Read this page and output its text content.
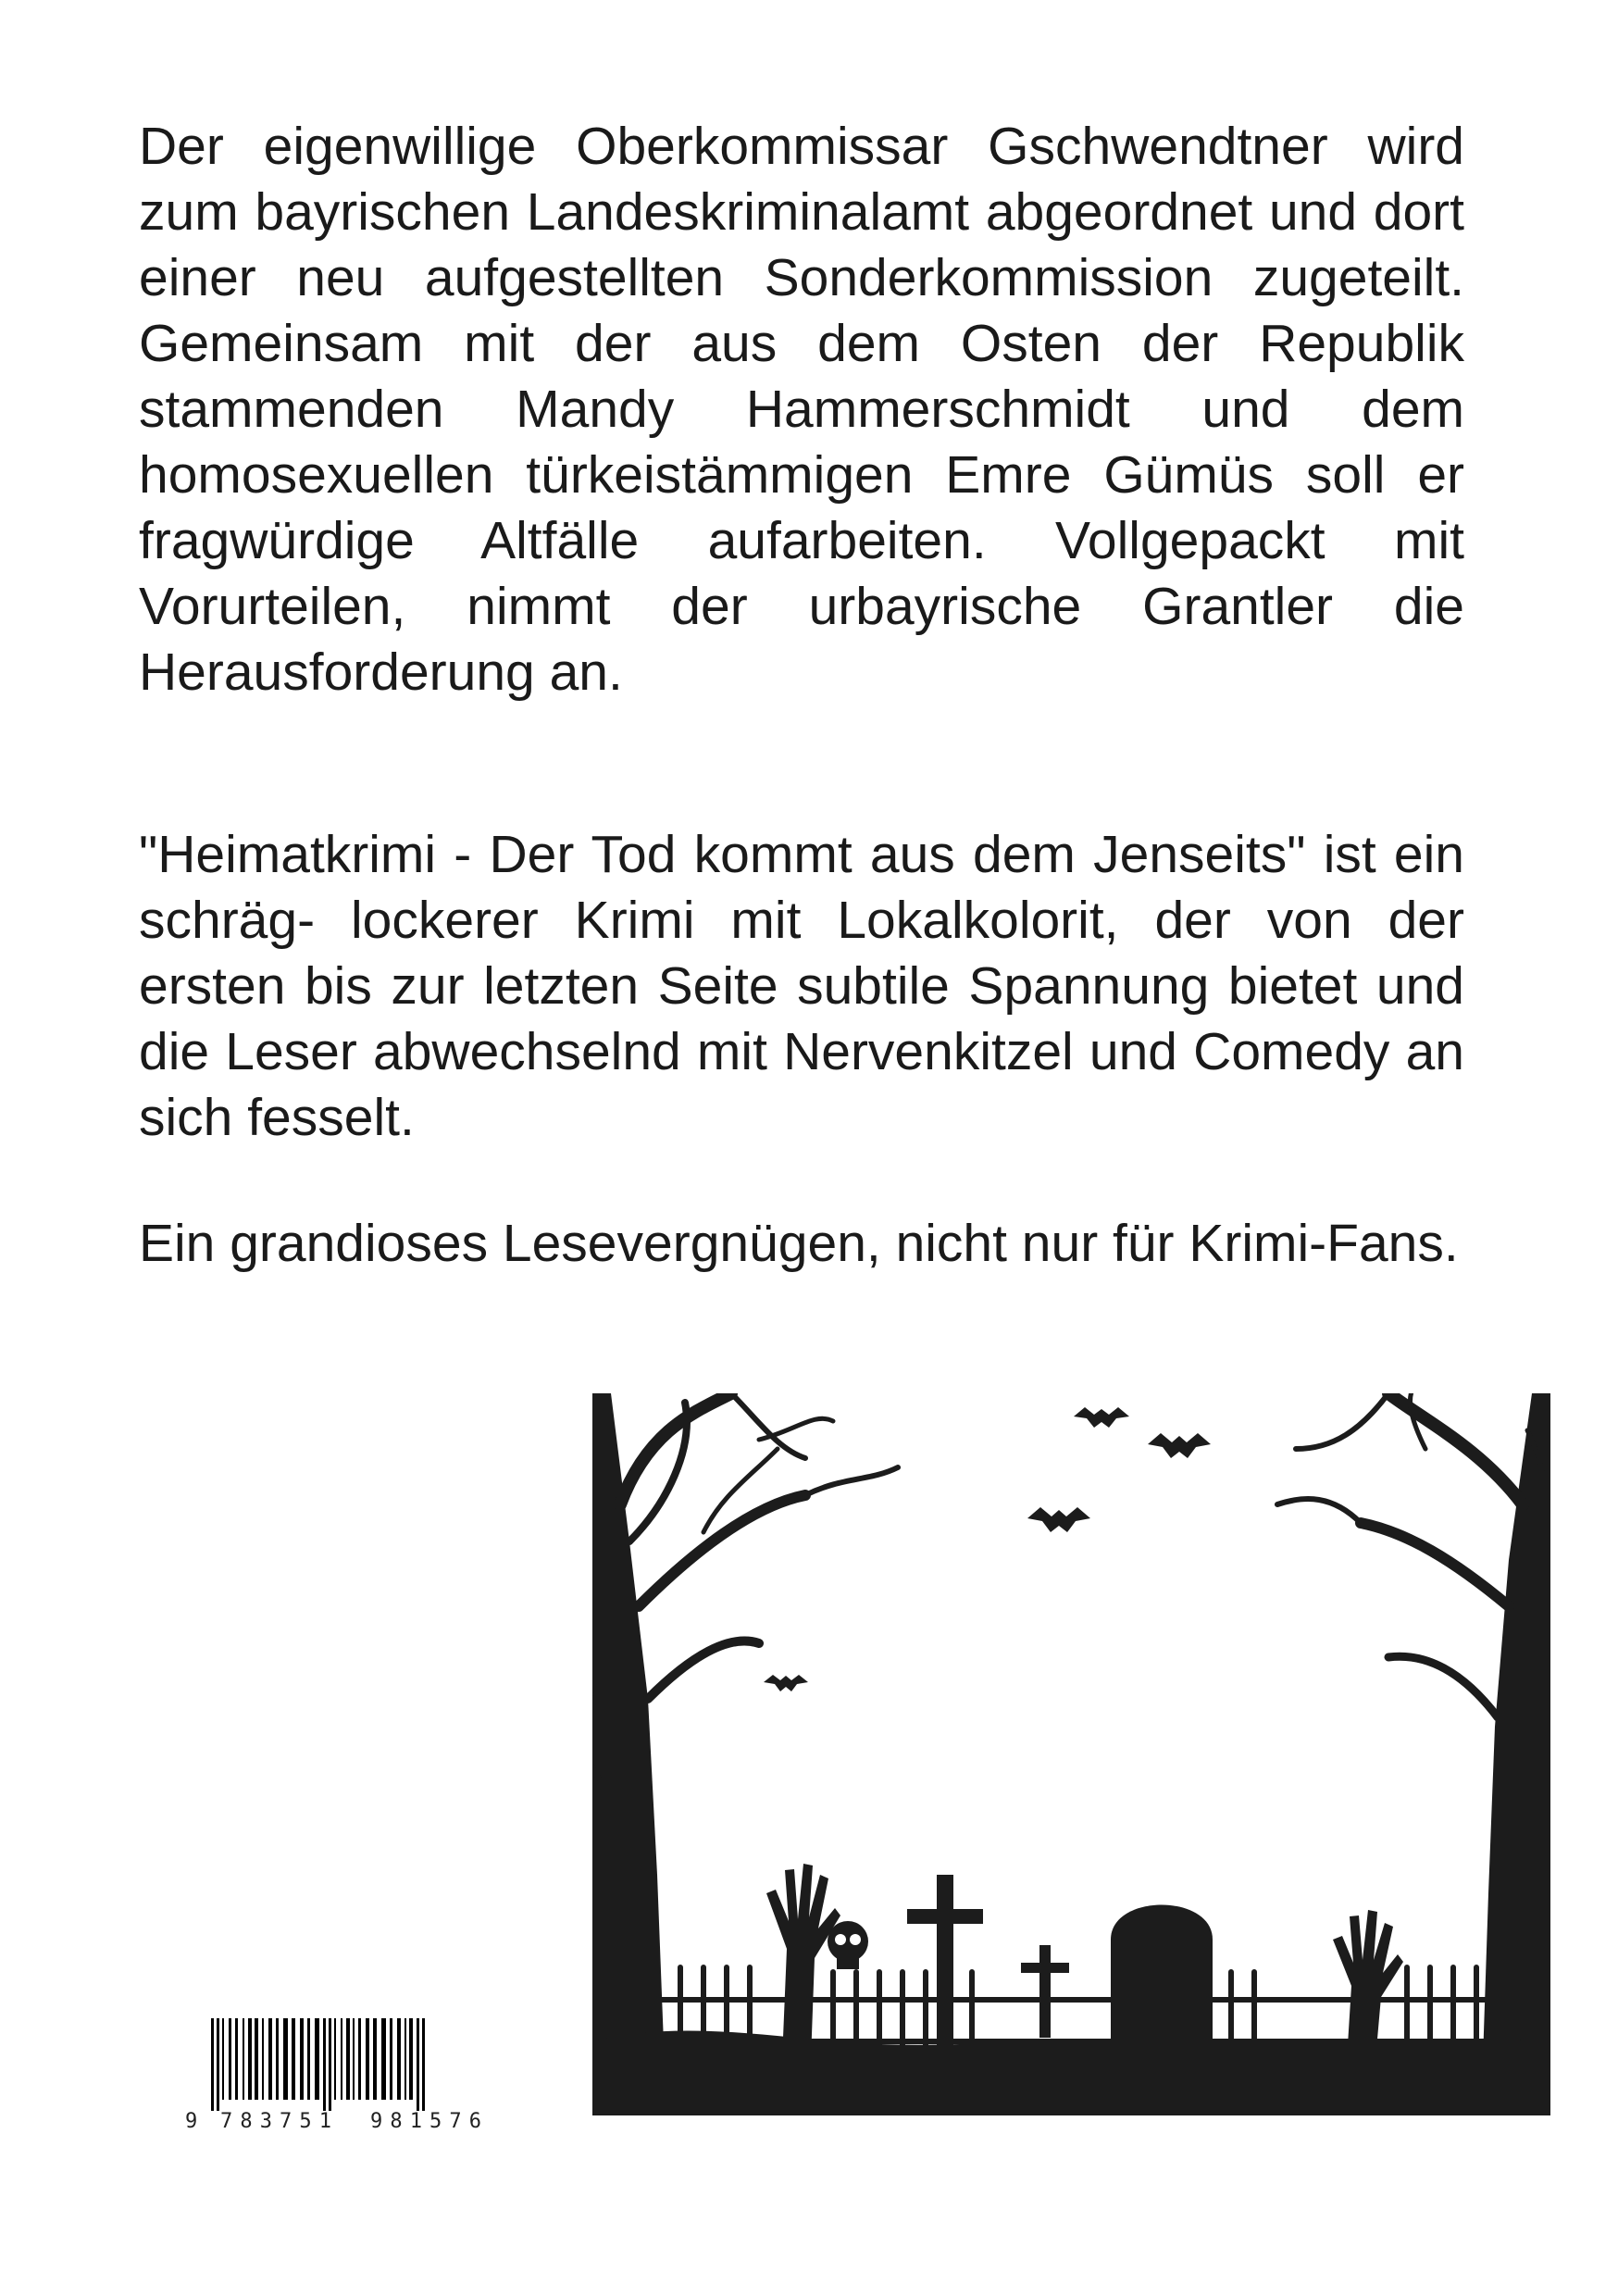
Der eigenwillige Oberkommissar Gschwendtner wird zum bayrischen Landeskriminalamt abgeordnet und dort einer neu aufgestellten Sonderkommission zugeteilt. Gemeinsam mit der aus dem Osten der Republik stammenden Mandy Hammerschmidt und dem homosexuellen türkeistämmigen Emre Gümüs soll er fragwürdige Altfälle aufarbeiten. Vollgepackt mit Vorurteilen, nimmt der urbayrische Grantler die Herausforderung an.

"Heimatkrimi - Der Tod kommt aus dem Jenseits" ist ein schräg- lockerer Krimi mit Lokalkolorit, der von der ersten bis zur letzten Seite subtile Spannung bietet und die Leser abwechselnd mit Nervenkitzel und Comedy an sich fesselt.

Ein grandioses Lesevergnügen, nicht nur für Krimi-Fans.

9 783751 981576
